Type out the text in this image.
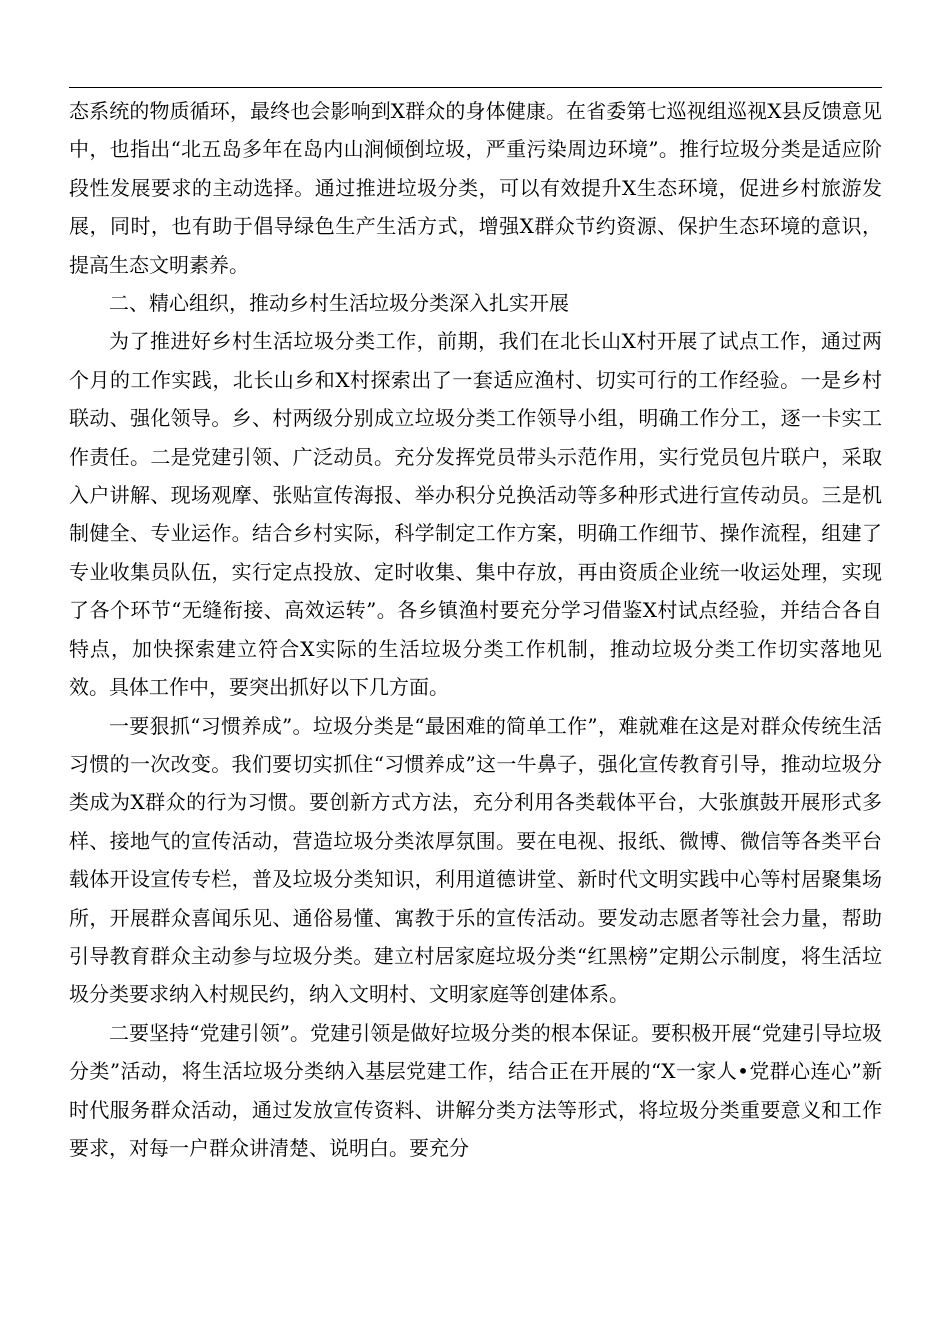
态系统的物质循环，最终也会影响到X群众的身体健康。在省委第七巡视组巡视X县反馈意见中，也指出“北五岛多年在岛内山涧倾倒垃圾，严重污染周边环境”。推行垃圾分类是适应阶段性发展要求的主动选择。通过推进垃圾分类，可以有效提升X生态环境，促进乡村旅游发展，同时，也有助于倡导绿色生产生活方式，增强X群众节约资源、保护生态环境的意识，提高生态文明素养。

二、精心组织，推动乡村生活垃圾分类深入扎实开展

为了推进好乡村生活垃圾分类工作，前期，我们在北长山X村开展了试点工作，通过两个月的工作实践，北长山乡和X村探索出了一套适应渔村、切实可行的工作经验。一是乡村联动、强化领导。乡、村两级分别成立垃圾分类工作领导小组，明确工作分工，逐一卡实工作责任。二是党建引领、广泛动员。充分发挥党员带头示范作用，实行党员包片联户，采取入户讲解、现场观摩、张贴宣传海报、举办积分兑换活动等多种形式进行宣传动员。三是机制健全、专业运作。结合乡村实际，科学制定工作方案，明确工作细节、操作流程，组建了专业收集员队伍，实行定点投放、定时收集、集中存放，再由资质企业统一收运处理，实现了各个环节“无缝衔接、高效运转”。各乡镇渔村要充分学习借鉴X村试点经验，并结合各自特点，加快探索建立符合X实际的生活垃圾分类工作机制，推动垃圾分类工作切实落地见效。具体工作中，要突出抓好以下几方面。

一要狠抓“习惯养成”。垃圾分类是“最困难的简单工作”，难就难在这是对群众传统生活习惯的一次改变。我们要切实抓住“习惯养成”这一牛鼻子，强化宣传教育引导，推动垃圾分类成为X群众的行为习惯。要创新方式方法，充分利用各类载体平台，大张旗鼓开展形式多样、接地气的宣传活动，营造垃圾分类浓厚氛围。要在电视、报纸、微博、微信等各类平台载体开设宣传专栏，普及垃圾分类知识，利用道德讲堂、新时代文明实践中心等村居聚集场所，开展群众喜闻乐见、通俗易懂、寓教于乐的宣传活动。要发动志愿者等社会力量，帮助引导教育群众主动参与垃圾分类。建立村居家庭垃圾分类“红黑榜”定期公示制度，将生活垃圾分类要求纳入村规民约，纳入文明村、文明家庭等创建体系。

二要坚持“党建引领”。党建引领是做好垃圾分类的根本保证。要积极开展“党建引导垃圾分类”活动，将生活垃圾分类纳入基层党建工作，结合正在开展的“X一家人•党群心连心”新时代服务群众活动，通过发放宣传资料、讲解分类方法等形式，将垃圾分类重要意义和工作要求，对每一户群众讲清楚、说明白。要充分
